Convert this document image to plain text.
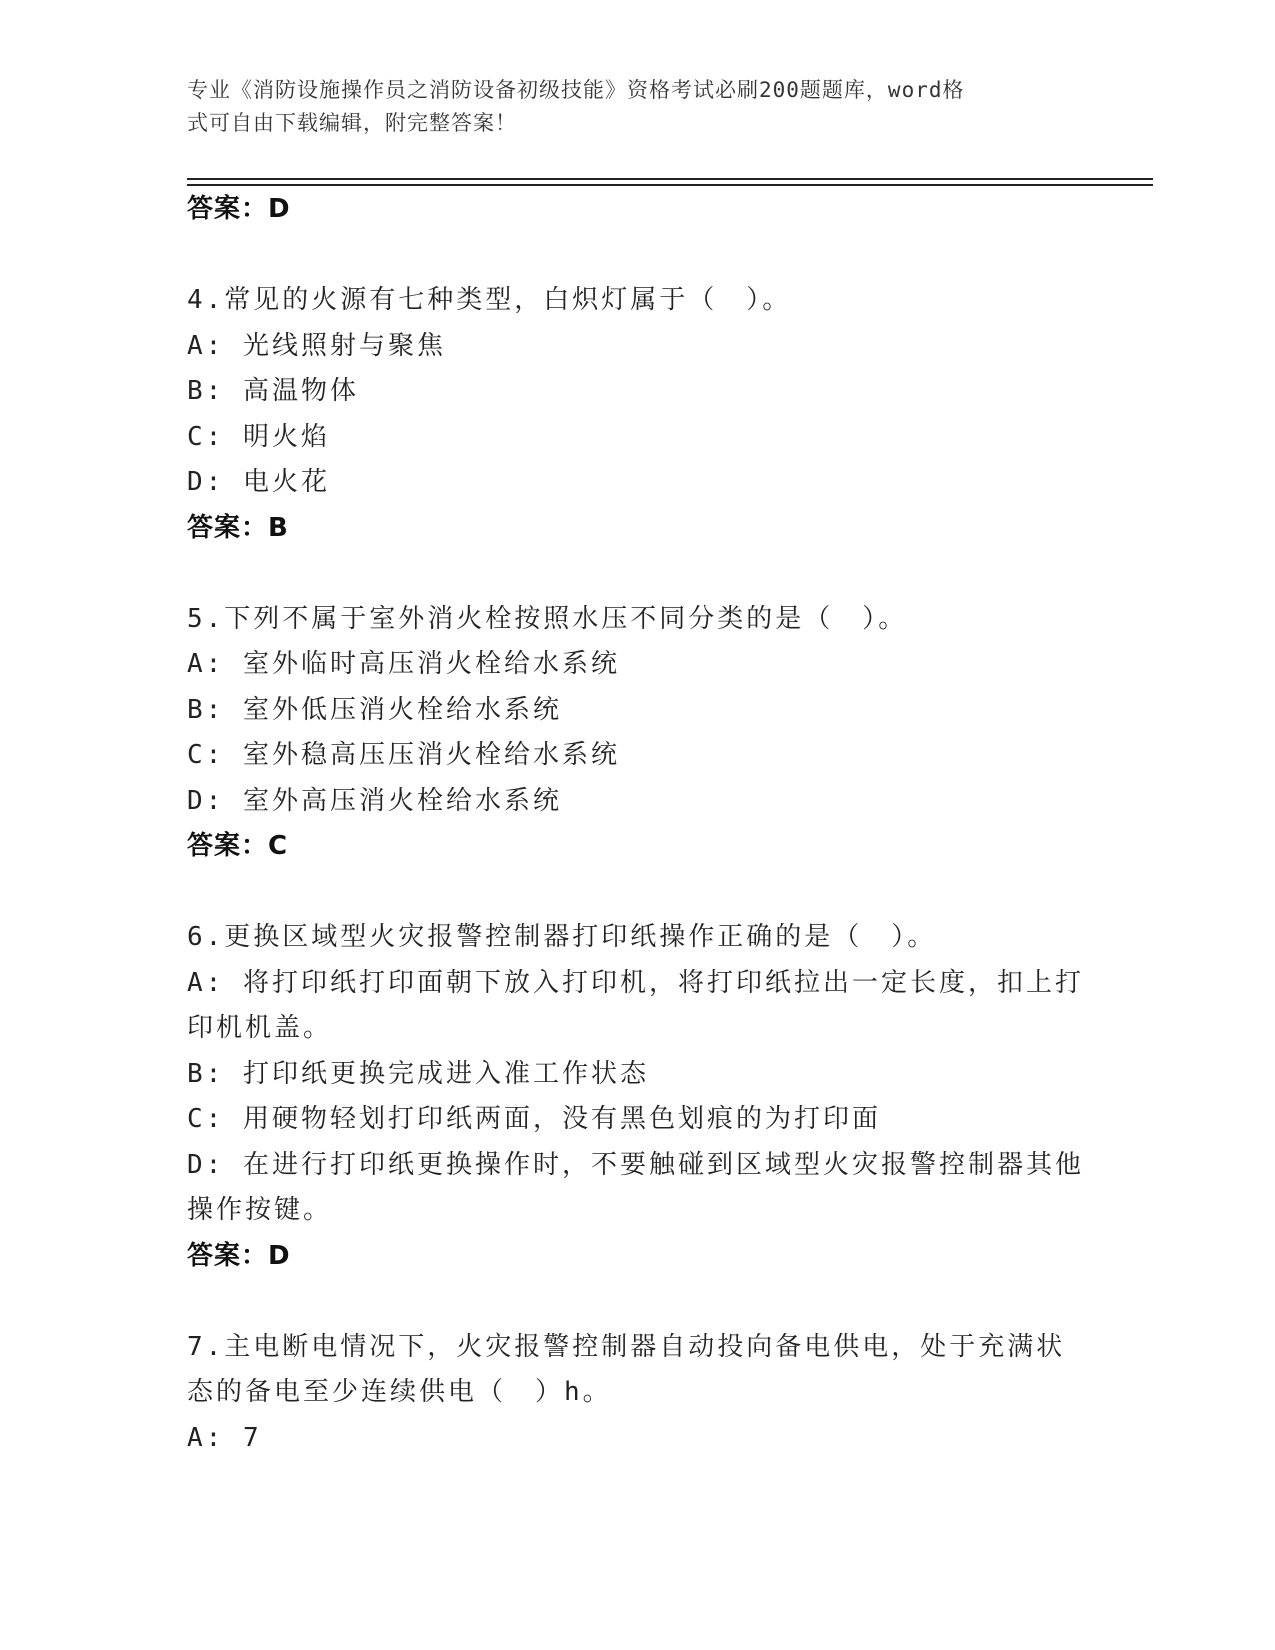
专业《消防设施操作员之消防设备初级技能》资格考试必刷200题题库，word格
式可自由下载编辑，附完整答案！
答案：D
4.常见的火源有七种类型，白炽灯属于（　）。
A: 光线照射与聚焦
B: 高温物体
C: 明火焰
D: 电火花
答案：B
5.下列不属于室外消火栓按照水压不同分类的是（　）。
A: 室外临时高压消火栓给水系统
B: 室外低压消火栓给水系统
C: 室外稳高压压消火栓给水系统
D: 室外高压消火栓给水系统
答案：C
6.更换区域型火灾报警控制器打印纸操作正确的是（　）。
A: 将打印纸打印面朝下放入打印机，将打印纸拉出一定长度，扣上打
印机机盖。
B: 打印纸更换完成进入准工作状态
C: 用硬物轻划打印纸两面，没有黑色划痕的为打印面
D: 在进行打印纸更换操作时，不要触碰到区域型火灾报警控制器其他
操作按键。
答案：D
7.主电断电情况下，火灾报警控制器自动投向备电供电，处于充满状
态的备电至少连续供电（　）h。
A: 7
